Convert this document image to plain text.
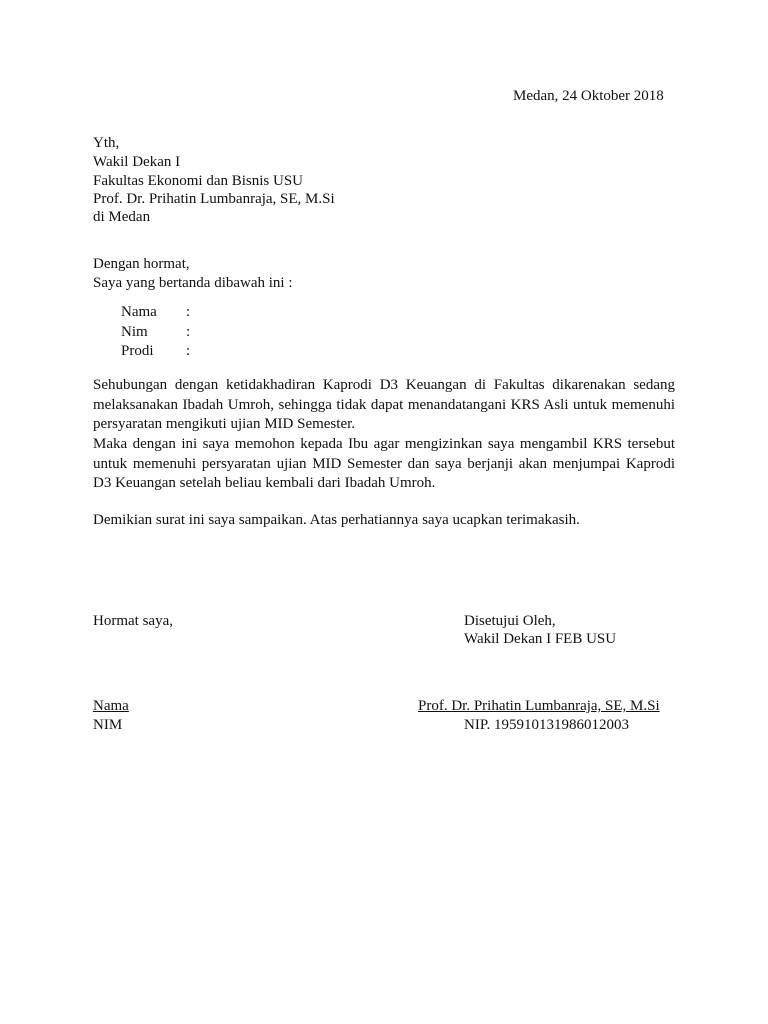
Medan, 24 Oktober 2018
Yth,
Wakil Dekan I
Fakultas Ekonomi dan Bisnis USU
Prof. Dr. Prihatin Lumbanraja, SE, M.Si
di Medan
Dengan hormat,
Saya yang bertanda dibawah ini :
Nama :
Nim	:
Prodi :
Sehubungan dengan ketidakhadiran Kaprodi D3 Keuangan di Fakultas dikarenakan sedang melaksanakan Ibadah Umroh, sehingga tidak dapat menandatangani KRS Asli untuk memenuhi persyaratan mengikuti ujian MID Semester.
Maka dengan ini saya memohon kepada Ibu agar mengizinkan saya mengambil KRS tersebut untuk memenuhi persyaratan ujian MID Semester dan saya berjanji akan menjumpai Kaprodi D3 Keuangan setelah beliau kembali dari Ibadah Umroh.
Demikian surat ini saya sampaikan. Atas perhatiannya saya ucapkan terimakasih.
Hormat saya,	Disetujui Oleh,
Wakil Dekan I FEB USU
Nama
NIM
Prof. Dr. Prihatin Lumbanraja, SE, M.Si
NIP. 195910131986012003
